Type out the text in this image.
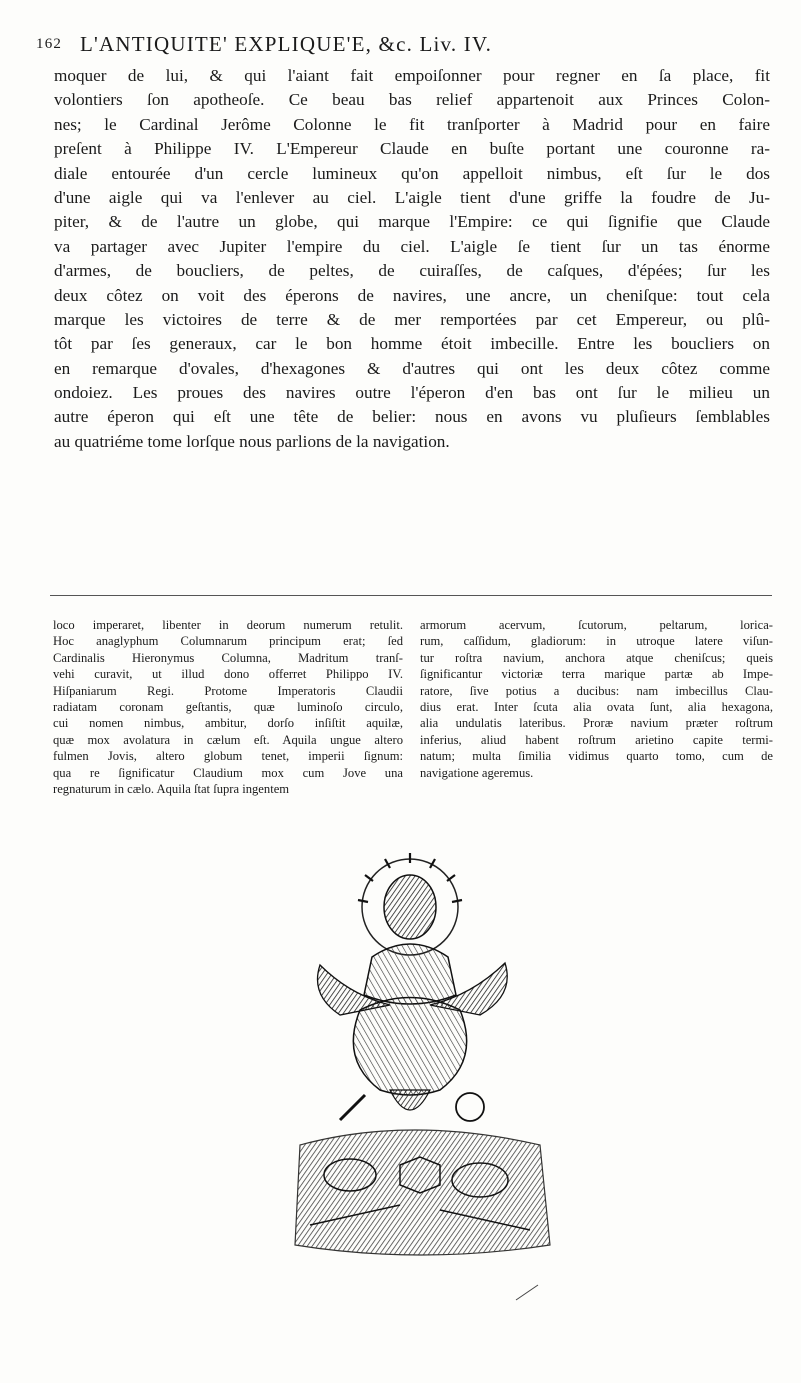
162 L'ANTIQUITE' EXPLIQUE'E, &c. Liv. IV.
moquer de lui, & qui l'aiant fait empoiſonner pour regner en ſa place, fit
volontiers ſon apotheoſe. Ce beau bas relief appartenoit aux Princes Colon-
nes; le Cardinal Jerôme Colonne le fit tranſporter à Madrid pour en faire
preſent à Philippe IV. L'Empereur Claude en buſte portant une couronne ra-
diale entourée d'un cercle lumineux qu'on appelloit nimbus, eſt ſur le dos
d'une aigle qui va l'enlever au ciel. L'aigle tient d'une griffe la foudre de Ju-
piter, & de l'autre un globe, qui marque l'Empire: ce qui ſignifie que Claude
va partager avec Jupiter l'empire du ciel. L'aigle ſe tient ſur un tas énorme
d'armes, de boucliers, de peltes, de cuiraſſes, de caſques, d'épées; ſur les
deux côtez on voit des éperons de navires, une ancre, un cheniſque: tout cela
marque les victoires de terre & de mer remportées par cet Empereur, ou plû-
tôt par ſes generaux, car le bon homme étoit imbecille. Entre les boucliers on
en remarque d'ovales, d'hexagones & d'autres qui ont les deux côtez comme
ondoiez. Les proues des navires outre l'éperon d'en bas ont ſur le milieu un
autre éperon qui eſt une tête de belier: nous en avons vu pluſieurs ſemblables
au quatriéme tome lorſque nous parlions de la navigation.
loco imperaret, libenter in deorum numerum retulit.
Hoc anaglyphum Columnarum principum erat; ſed
Cardinalis Hieronymus Columna, Madritum tranſ-
vehi curavit, ut illud dono offerret Philippo IV.
Hiſpaniarum Regi. Protome Imperatoris Claudii
radiatam coronam geſtantis, quæ luminoſo circulo,
cui nomen nimbus, ambitur, dorſo inſiſtit aquilæ,
quæ mox avolatura in cælum eſt. Aquila ungue altero
fulmen Jovis, altero globum tenet, imperii ſignum:
qua re ſignificatur Claudium mox cum Jove una
regnaturum in cælo. Aquila ſtat ſupra ingentem
armorum acervum, ſcutorum, peltarum, lorica-
rum, caſſidum, gladiorum: in utroque latere viſun-
tur roſtra navium, anchora atque cheniſcus; queis
ſignificantur victoriæ terra marique partæ ab Impe-
ratore, ſive potius a ducibus: nam imbecillus Clau-
dius erat. Inter ſcuta alia ovata ſunt, alia hexagona,
alia undulatis lateribus. Proræ navium præter roſtrum
inferius, aliud habent roſtrum arietino capite termi-
natum; multa ſimilia vidimus quarto tomo, cum de
navigatione ageremus.
